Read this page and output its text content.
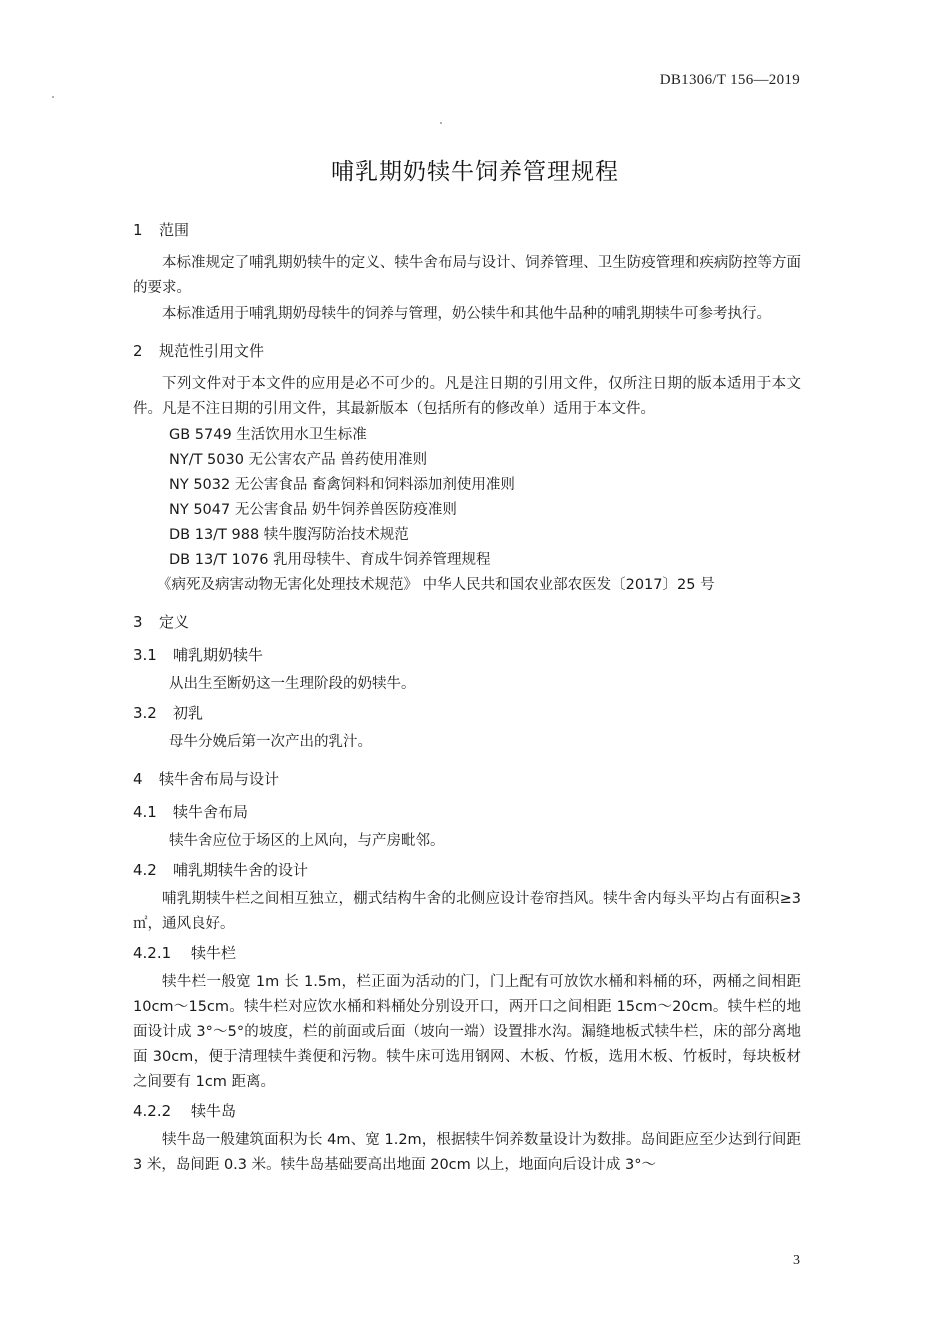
DB1306/T 156—2019
哺乳期奶犊牛饲养管理规程
1 范围

本标准规定了哺乳期奶犊牛的定义、犊牛舍布局与设计、饲养管理、卫生防疫管理和疾病防控等方面的要求。

本标准适用于哺乳期奶母犊牛的饲养与管理，奶公犊牛和其他牛品种的哺乳期犊牛可参考执行。

2 规范性引用文件

下列文件对于本文件的应用是必不可少的。凡是注日期的引用文件，仅所注日期的版本适用于本文件。凡是不注日期的引用文件，其最新版本（包括所有的修改单）适用于本文件。

GB 5749 生活饮用水卫生标准
NY/T 5030 无公害农产品 兽药使用准则
NY 5032 无公害食品 畜禽饲料和饲料添加剂使用准则
NY 5047 无公害食品 奶牛饲养兽医防疫准则
DB 13/T 988 犊牛腹泻防治技术规范
DB 13/T 1076 乳用母犊牛、育成牛饲养管理规程
《病死及病害动物无害化处理技术规范》 中华人民共和国农业部农医发〔2017〕25 号
3 定义
3.1 哺乳期奶犊牛

从出生至断奶这一生理阶段的奶犊牛。

3.2 初乳

母牛分娩后第一次产出的乳汁。

4 犊牛舍布局与设计
4.1 犊牛舍布局

犊牛舍应位于场区的上风向，与产房毗邻。

4.2 哺乳期犊牛舍的设计

哺乳期犊牛栏之间相互独立，棚式结构牛舍的北侧应设计卷帘挡风。犊牛舍内每头平均占有面积≥3 ㎡，通风良好。

4.2.1 犊牛栏

犊牛栏一般宽 1m 长 1.5m，栏正面为活动的门，门上配有可放饮水桶和料桶的环，两桶之间相距 10cm～15cm。犊牛栏对应饮水桶和料桶处分别设开口，两开口之间相距 15cm～20cm。犊牛栏的地面设计成 3°～5°的坡度，栏的前面或后面（坡向一端）设置排水沟。漏缝地板式犊牛栏，床的部分离地面 30cm，便于清理犊牛粪便和污物。犊牛床可选用钢网、木板、竹板，选用木板、竹板时，每块板材之间要有 1cm 距离。

4.2.2 犊牛岛

犊牛岛一般建筑面积为长 4m、宽 1.2m，根据犊牛饲养数量设计为数排。岛间距应至少达到行间距 3 米，岛间距 0.3 米。犊牛岛基础要高出地面 20cm 以上，地面向后设计成 3°～

3
